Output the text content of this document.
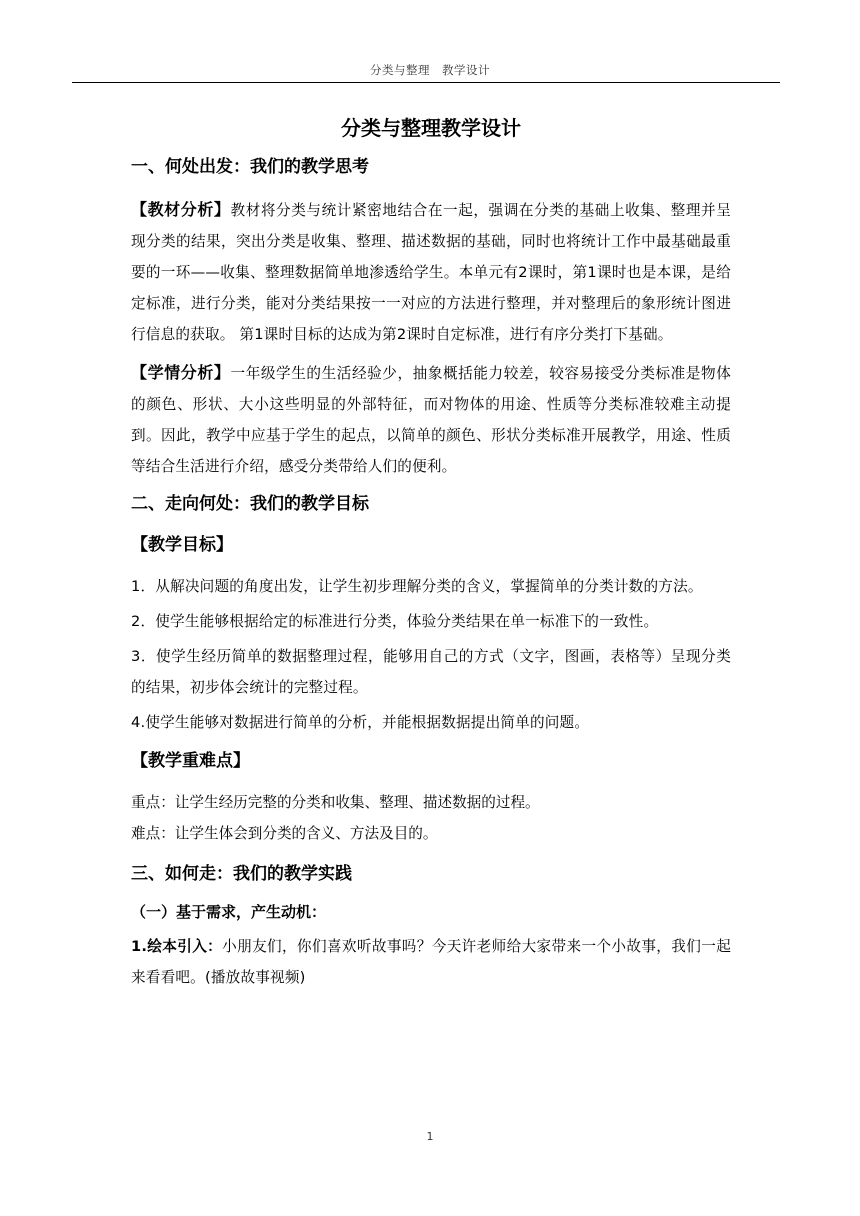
分类与整理　教学设计
分类与整理教学设计
一、何处出发：我们的教学思考

【教材分析】教材将分类与统计紧密地结合在一起，强调在分类的基础上收集、整理并呈现分类的结果，突出分类是收集、整理、描述数据的基础，同时也将统计工作中最基础最重要的一环——收集、整理数据简单地渗透给学生。本单元有2课时，第1课时也是本课，是给定标准，进行分类，能对分类结果按一一对应的方法进行整理，并对整理后的象形统计图进行信息的获取。 第1课时目标的达成为第2课时自定标准，进行有序分类打下基础。

【学情分析】一年级学生的生活经验少，抽象概括能力较差，较容易接受分类标准是物体的颜色、形状、大小这些明显的外部特征，而对物体的用途、性质等分类标准较难主动提到。因此，教学中应基于学生的起点，以简单的颜色、形状分类标准开展教学，用途、性质等结合生活进行介绍，感受分类带给人们的便利。

二、走向何处：我们的教学目标
【教学目标】

1．从解决问题的角度出发，让学生初步理解分类的含义，掌握简单的分类计数的方法。

2．使学生能够根据给定的标准进行分类，体验分类结果在单一标准下的一致性。

3．使学生经历简单的数据整理过程，能够用自己的方式（文字，图画，表格等）呈现分类的结果，初步体会统计的完整过程。

4.使学生能够对数据进行简单的分析，并能根据数据提出简单的问题。

【教学重难点】

重点：让学生经历完整的分类和收集、整理、描述数据的过程。

难点：让学生体会到分类的含义、方法及目的。

三、如何走：我们的教学实践
（一）基于需求，产生动机：

1.绘本引入：小朋友们，你们喜欢听故事吗？今天许老师给大家带来一个小故事，我们一起来看看吧。(播放故事视频)

1
